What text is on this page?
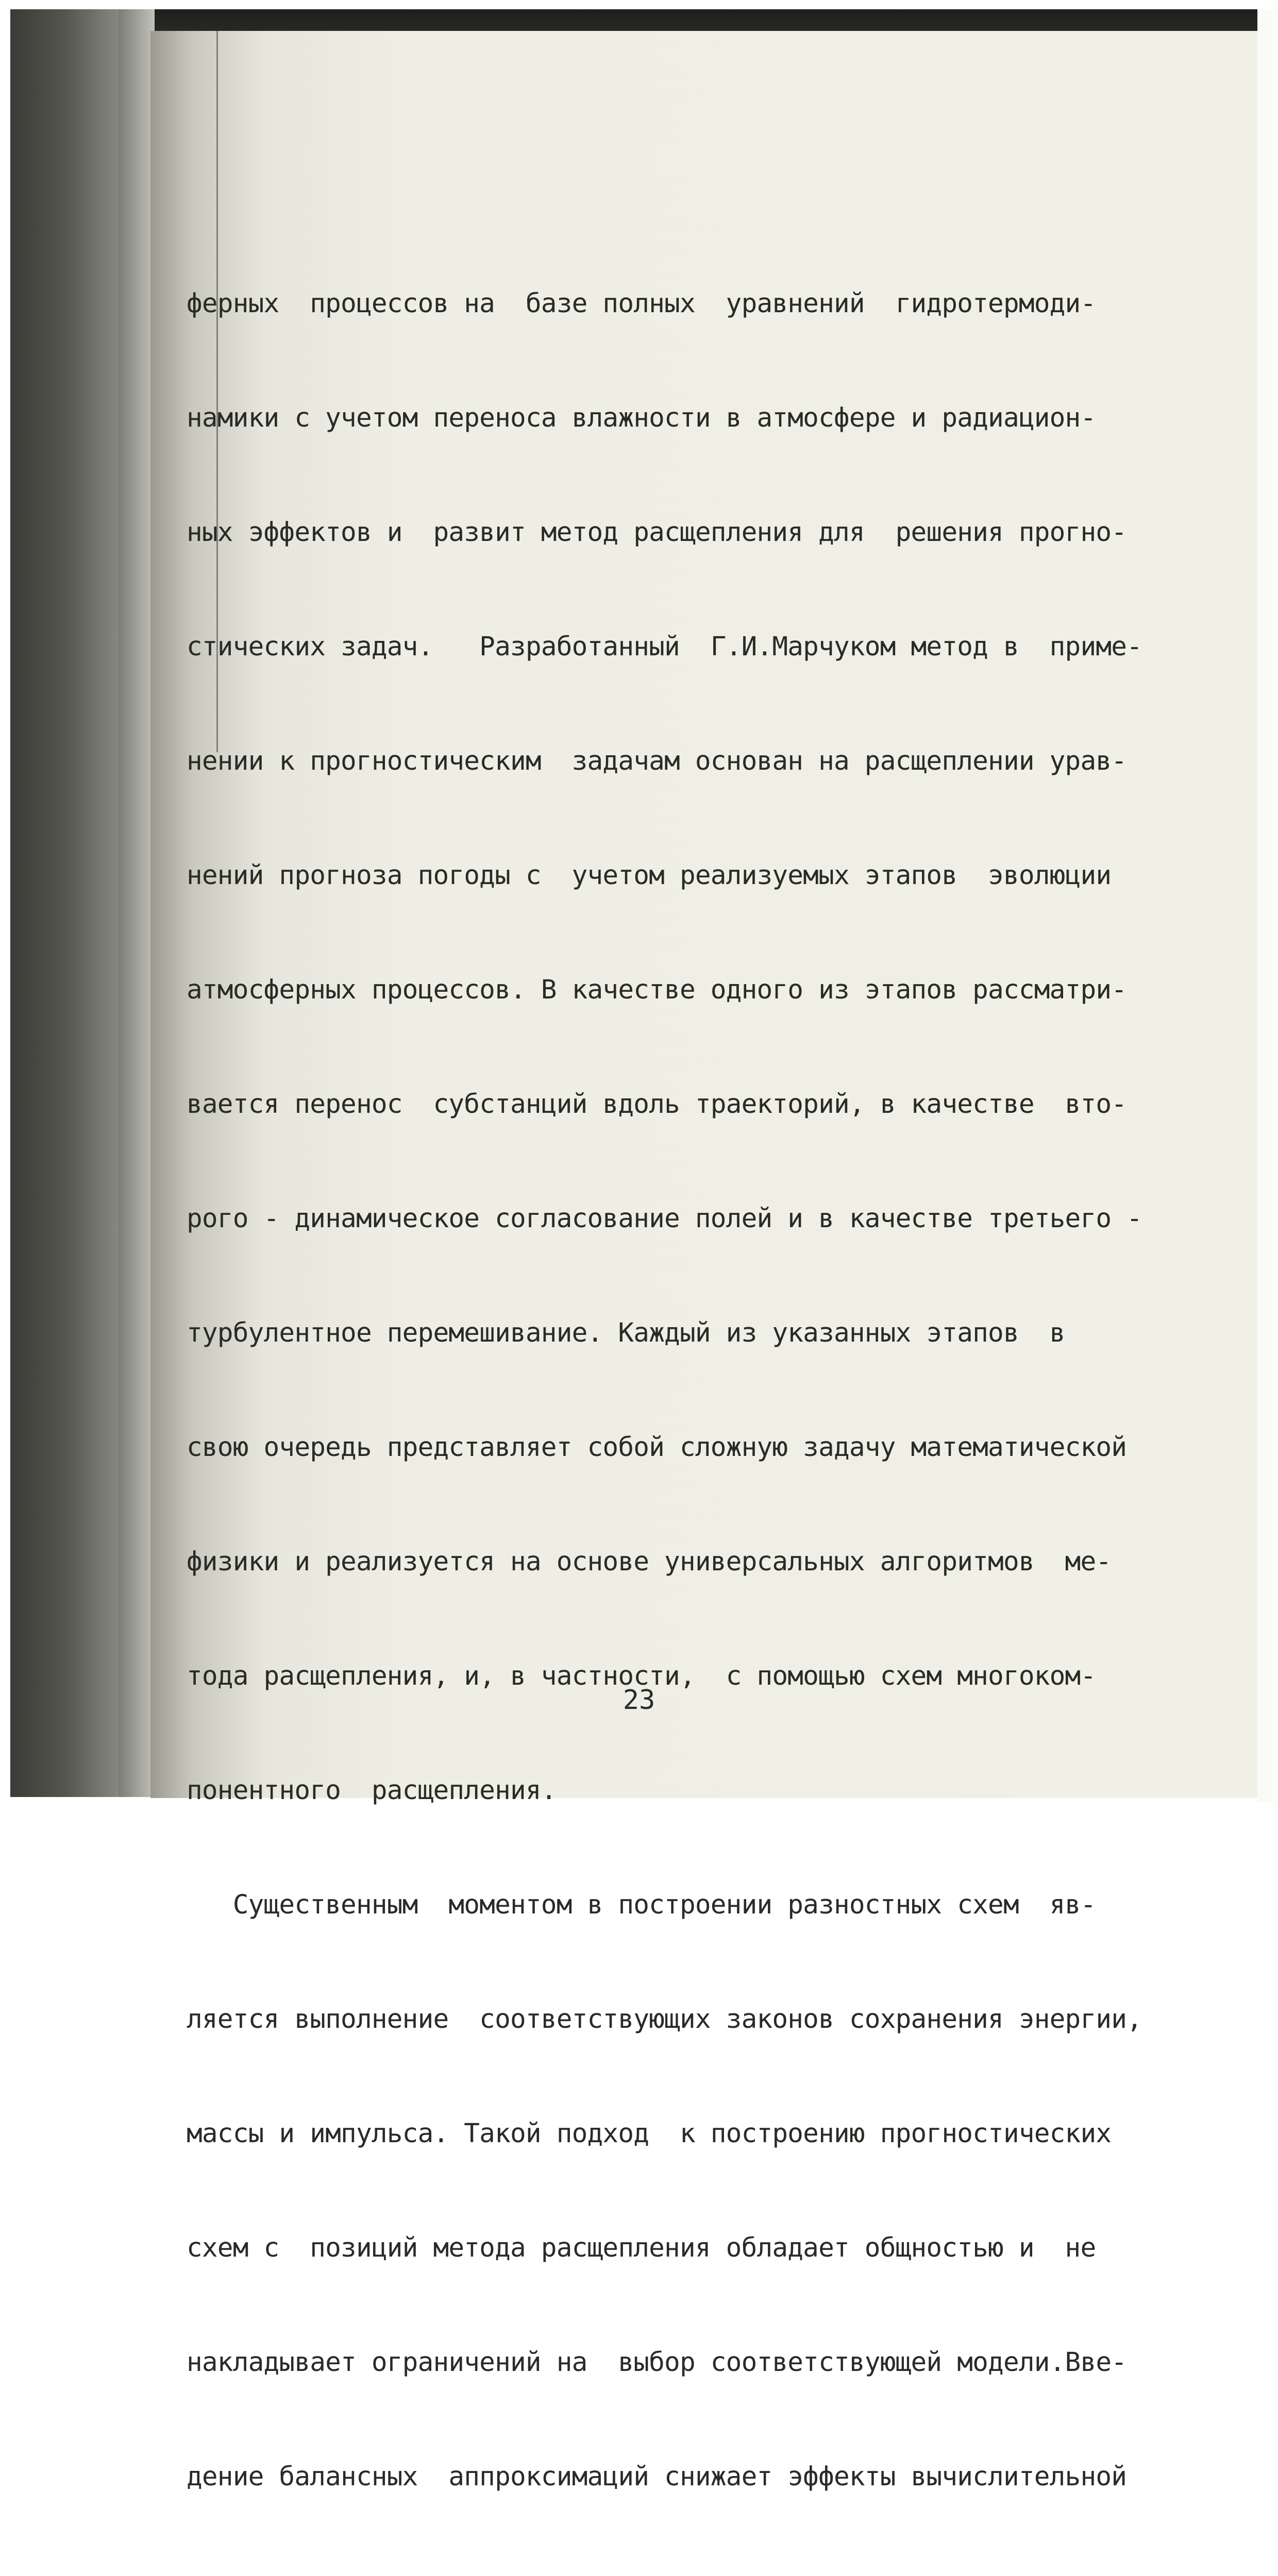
ферных  процессов на  базе полных  уравнений  гидротермоди-

намики с учетом переноса влажности в атмосфере и радиацион-

ных эффектов и  развит метод расщепления для  решения прогно-

стических задач.   Разработанный  Г.И.Марчуком метод в  приме-

нении к прогностическим  задачам основан на расщеплении урав-

нений прогноза погоды с  учетом реализуемых этапов  эволюции

атмосферных процессов. В качестве одного из этапов рассматри-

вается перенос  субстанций вдоль траекторий, в качестве  вто-

рого - динамическое согласование полей и в качестве третьего -

турбулентное перемешивание. Каждый из указанных этапов  в

свою очередь представляет собой сложную задачу математической

физики и реализуется на основе универсальных алгоритмов  ме-

тода расщепления, и, в частности,  с помощью схем многоком-

понентного  расщепления.

Существенным  моментом в построении разностных схем  яв-

ляется выполнение  соответствующих законов сохранения энергии,

массы и импульса. Такой подход  к построению прогностических

схем с  позиций метода расщепления обладает общностью и  не

накладывает ограничений на  выбор соответствующей модели.Вве-

дение балансных  аппроксимаций снижает эффекты вычислительной

23
